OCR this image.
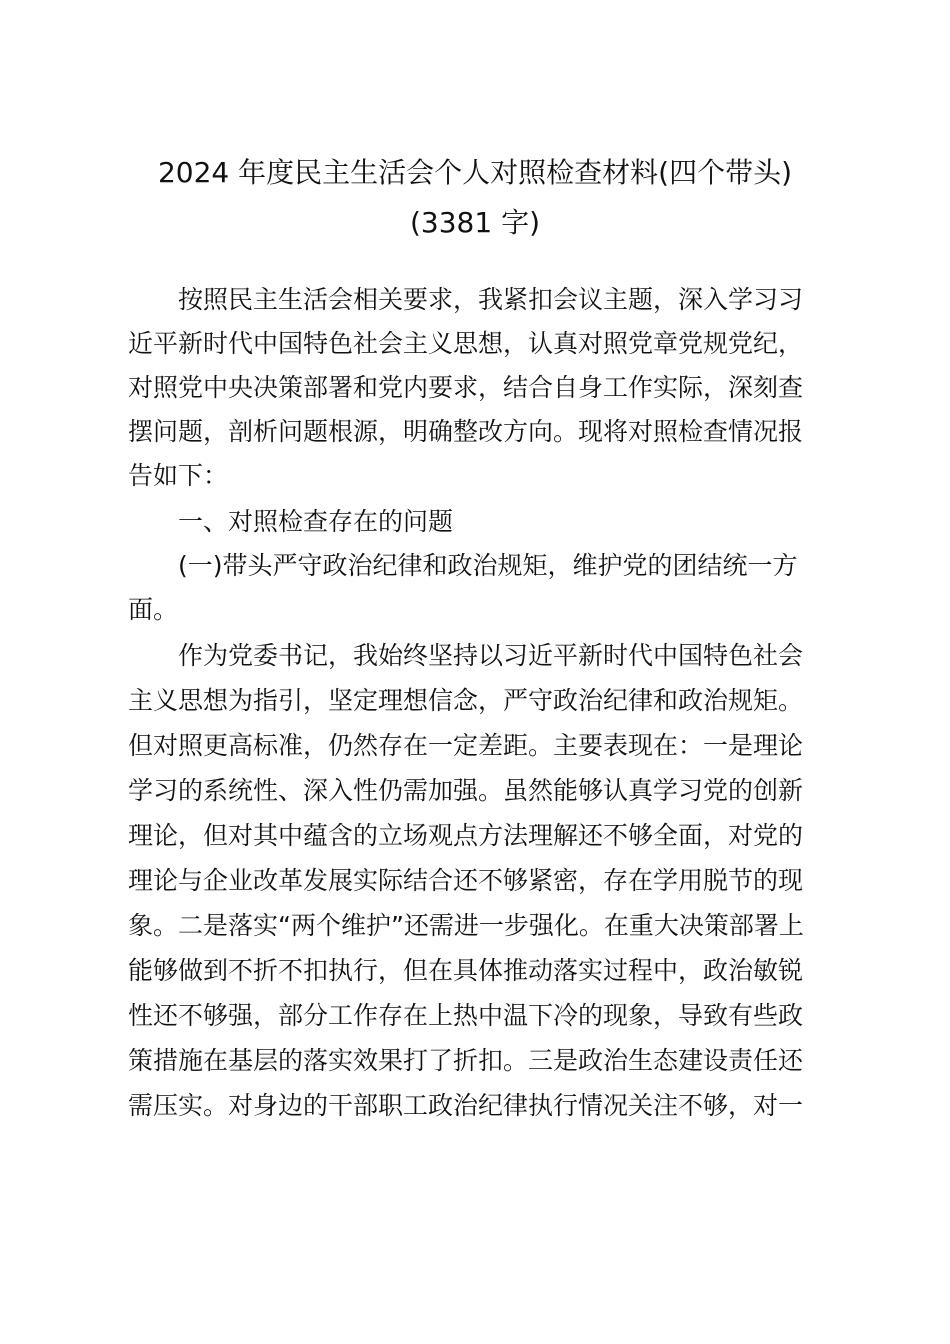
2024 年度民主生活会个人对照检查材料(四个带头)
(3381 字)

按照民主生活会相关要求，我紧扣会议主题，深入学习习

近平新时代中国特色社会主义思想，认真对照党章党规党纪，

对照党中央决策部署和党内要求，结合自身工作实际，深刻查

摆问题，剖析问题根源，明确整改方向。现将对照检查情况报

告如下：

一、对照检查存在的问题

(一)带头严守政治纪律和政治规矩，维护党的团结统一方

面。

作为党委书记，我始终坚持以习近平新时代中国特色社会

主义思想为指引，坚定理想信念，严守政治纪律和政治规矩。

但对照更高标准，仍然存在一定差距。主要表现在：一是理论

学习的系统性、深入性仍需加强。虽然能够认真学习党的创新

理论，但对其中蕴含的立场观点方法理解还不够全面，对党的

理论与企业改革发展实际结合还不够紧密，存在学用脱节的现

象。二是落实“两个维护”还需进一步强化。在重大决策部署上

能够做到不折不扣执行，但在具体推动落实过程中，政治敏锐

性还不够强，部分工作存在上热中温下冷的现象，导致有些政

策措施在基层的落实效果打了折扣。三是政治生态建设责任还

需压实。对身边的干部职工政治纪律执行情况关注不够，对一
